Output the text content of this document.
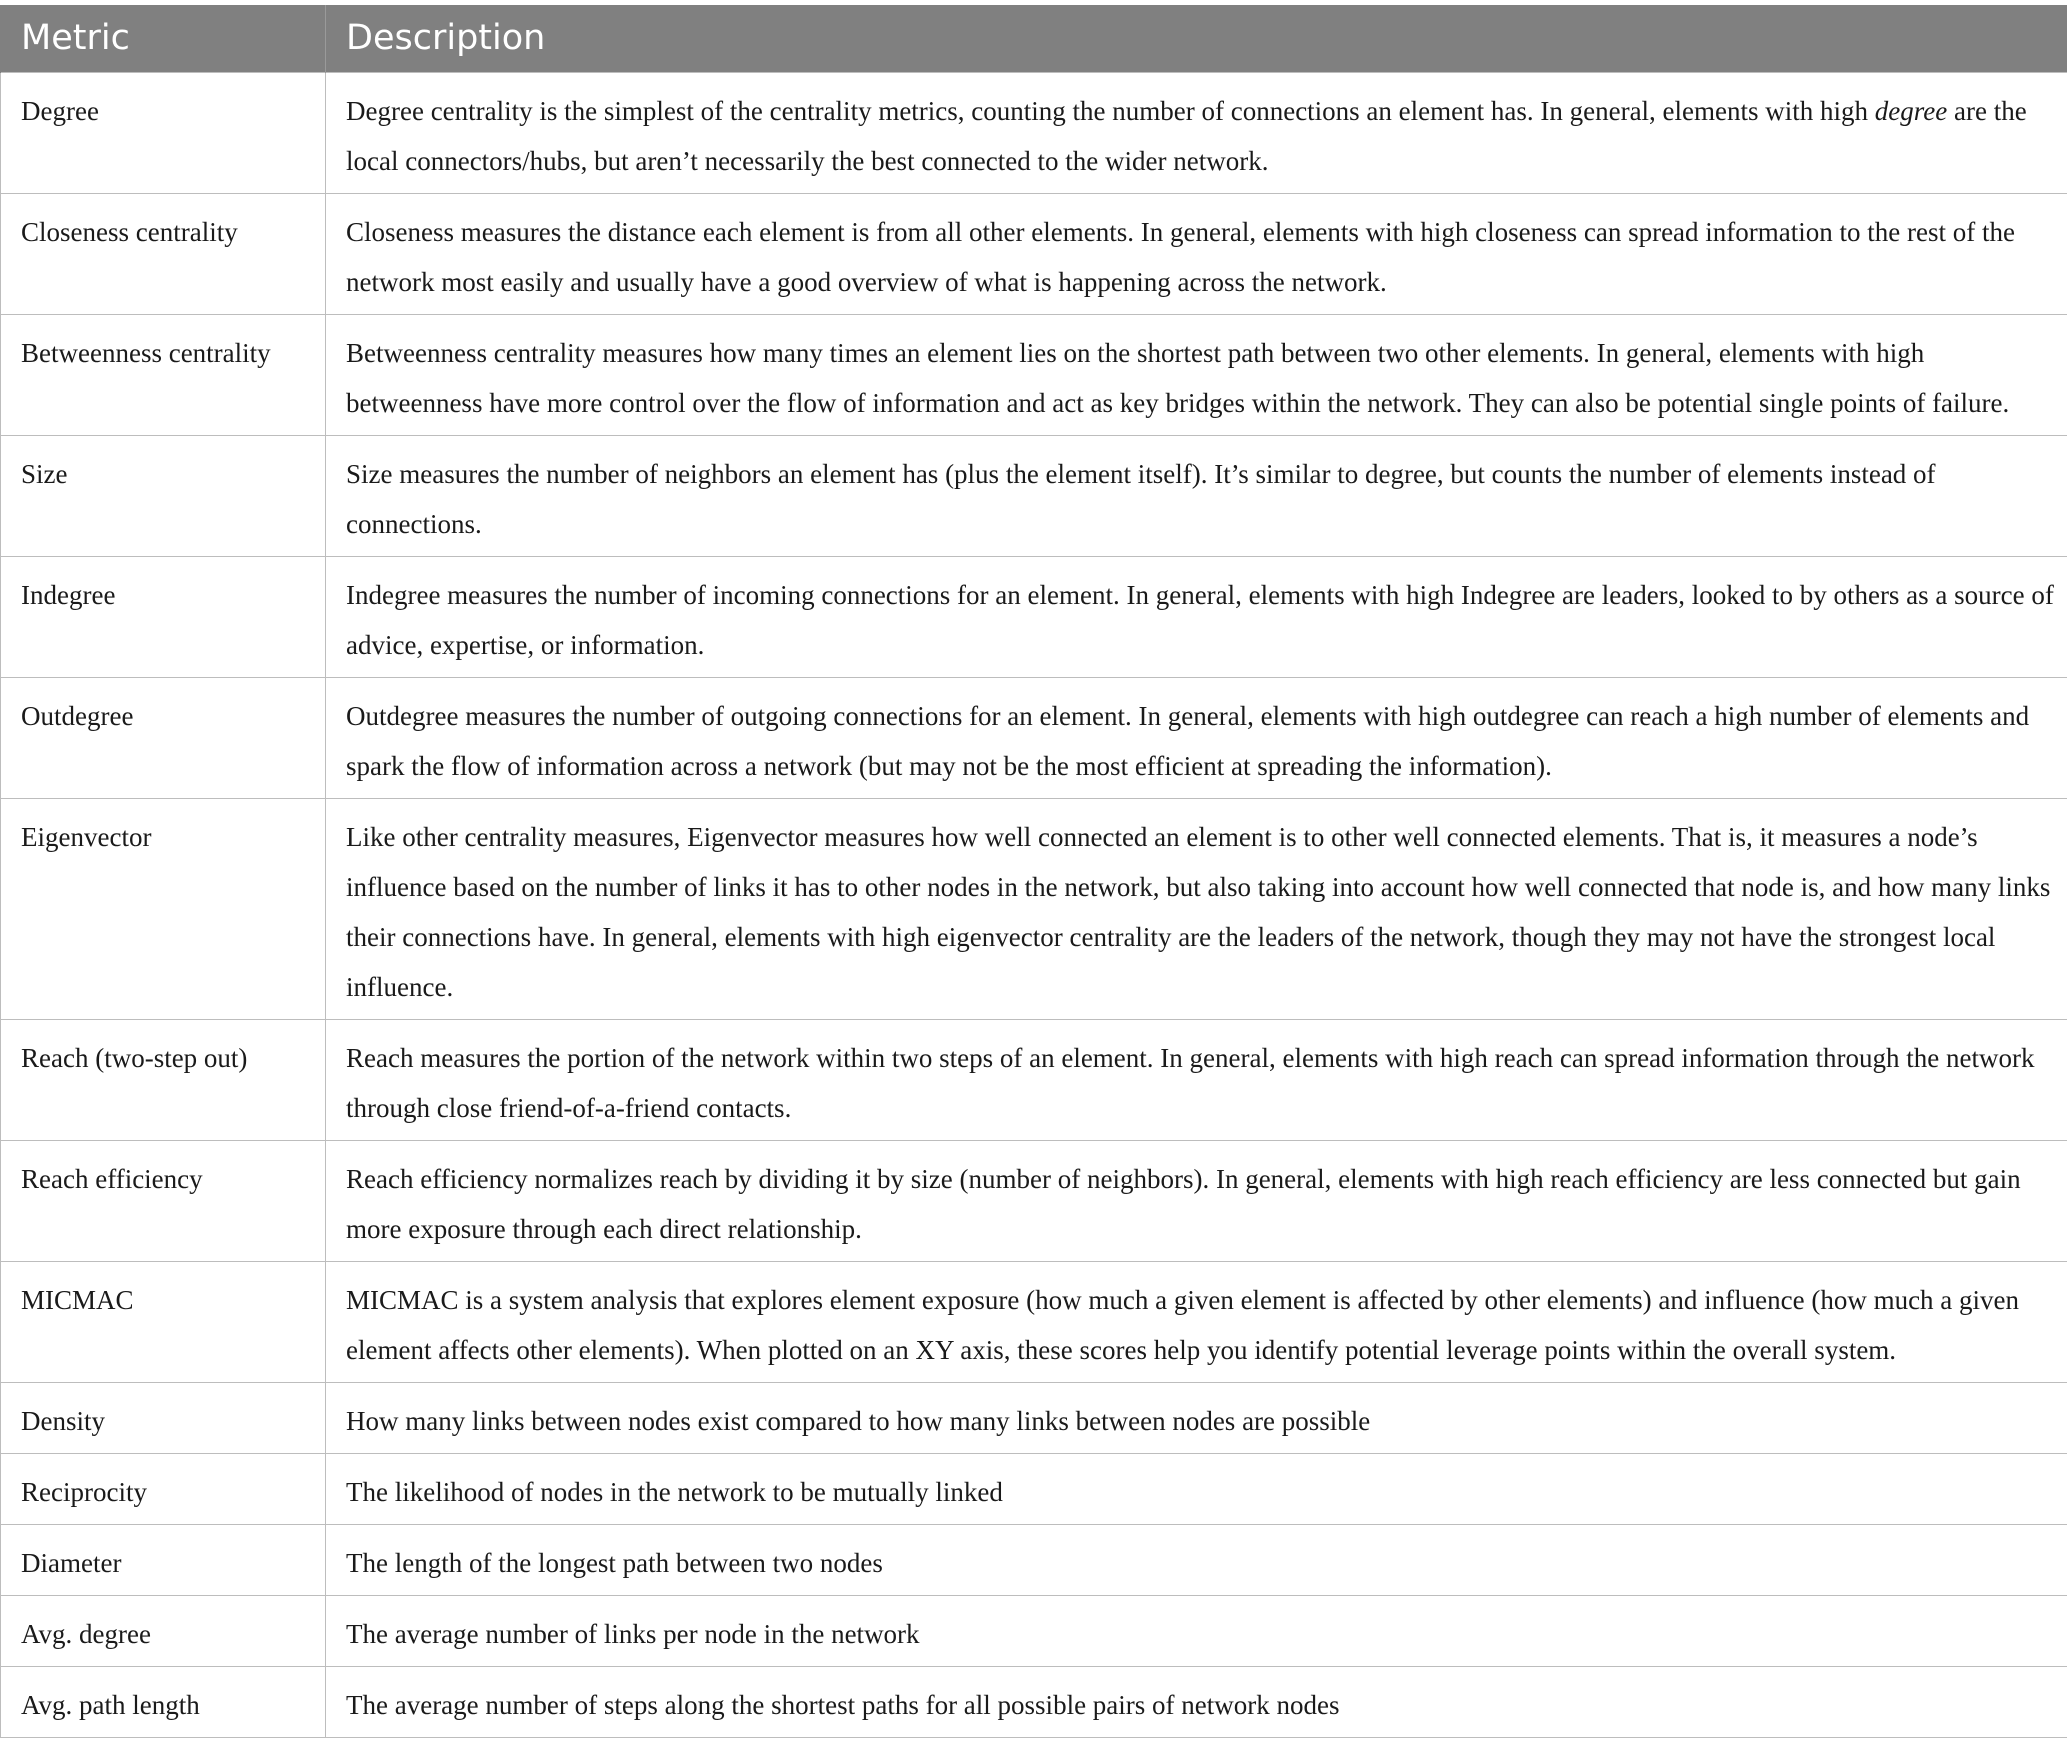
Metric	Description
Degree	Degree centrality is the simplest of the centrality metrics, counting the number of connections an element has. In general, elements with high degree are the local connectors/hubs, but aren’t necessarily the best connected to the wider network.
Closeness centrality	Closeness measures the distance each element is from all other elements. In general, elements with high closeness can spread information to the rest of the network most easily and usually have a good overview of what is happening across the network.
Betweenness centrality	Betweenness centrality measures how many times an element lies on the shortest path between two other elements. In general, elements with high betweenness have more control over the flow of information and act as key bridges within the network. They can also be potential single points of failure.
Size	Size measures the number of neighbors an element has (plus the element itself). It’s similar to degree, but counts the number of elements instead of connections.
Indegree	Indegree measures the number of incoming connections for an element. In general, elements with high Indegree are leaders, looked to by others as a source of advice, expertise, or information.
Outdegree	Outdegree measures the number of outgoing connections for an element. In general, elements with high outdegree can reach a high number of elements and spark the flow of information across a network (but may not be the most efficient at spreading the information).
Eigenvector	Like other centrality measures, Eigenvector measures how well connected an element is to other well connected elements. That is, it measures a node’s influence based on the number of links it has to other nodes in the network, but also taking into account how well connected that node is, and how many links their connections have. In general, elements with high eigenvector centrality are the leaders of the network, though they may not have the strongest local influence.
Reach (two-step out)	Reach measures the portion of the network within two steps of an element. In general, elements with high reach can spread information through the network through close friend-of-a-friend contacts.
Reach efficiency	Reach efficiency normalizes reach by dividing it by size (number of neighbors). In general, elements with high reach efficiency are less connected but gain more exposure through each direct relationship.
MICMAC	MICMAC is a system analysis that explores element exposure (how much a given element is affected by other elements) and influence (how much a given element affects other elements). When plotted on an XY axis, these scores help you identify potential leverage points within the overall system.
Density	How many links between nodes exist compared to how many links between nodes are possible
Reciprocity	The likelihood of nodes in the network to be mutually linked
Diameter	The length of the longest path between two nodes
Avg. degree	The average number of links per node in the network
Avg. path length	The average number of steps along the shortest paths for all possible pairs of network nodes
